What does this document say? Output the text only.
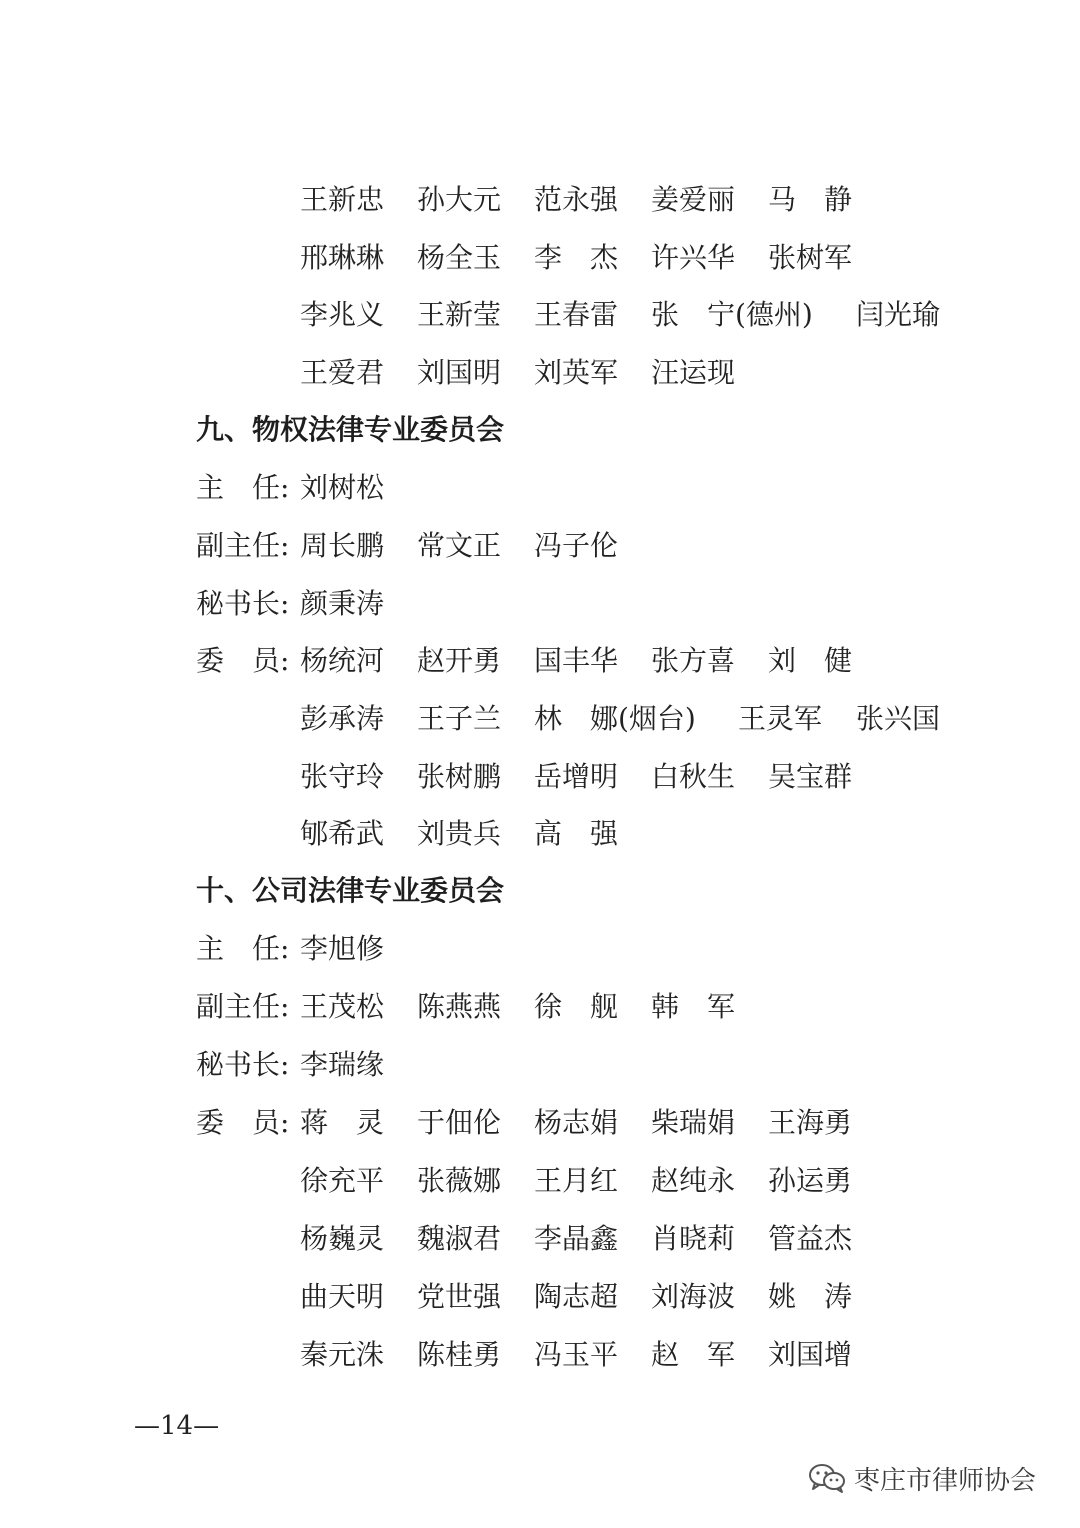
王新忠 孙大元 范永强 姜爱丽 马　静
邢琳琳 杨全玉 李　杰 许兴华 张树军
李兆义 王新莹 王春雷 张　宁(德州) 闫光瑜
王爱君 刘国明 刘英军 汪运现
九、物权法律专业委员会
主　任: 刘树松
副主任: 周长鹏 常文正 冯子伦
秘书长: 颜秉涛
委　员: 杨统河 赵开勇 国丰华 张方喜 刘　健
彭承涛 王子兰 林　娜(烟台) 王灵军 张兴国
张守玲 张树鹏 岳增明 白秋生 吴宝群
郇希武 刘贵兵 高　强
十、公司法律专业委员会
主　任: 李旭修
副主任: 王茂松 陈燕燕 徐　舰 韩　军
秘书长: 李瑞缘
委　员: 蒋　灵 于佃伦 杨志娟 柴瑞娟 王海勇
徐充平 张薇娜 王月红 赵纯永 孙运勇
杨巍灵 魏淑君 李晶鑫 肖晓莉 管益杰
曲天明 党世强 陶志超 刘海波 姚　涛
秦元洙 陈桂勇 冯玉平 赵　军 刘国增
—14—
枣庄市律师协会
